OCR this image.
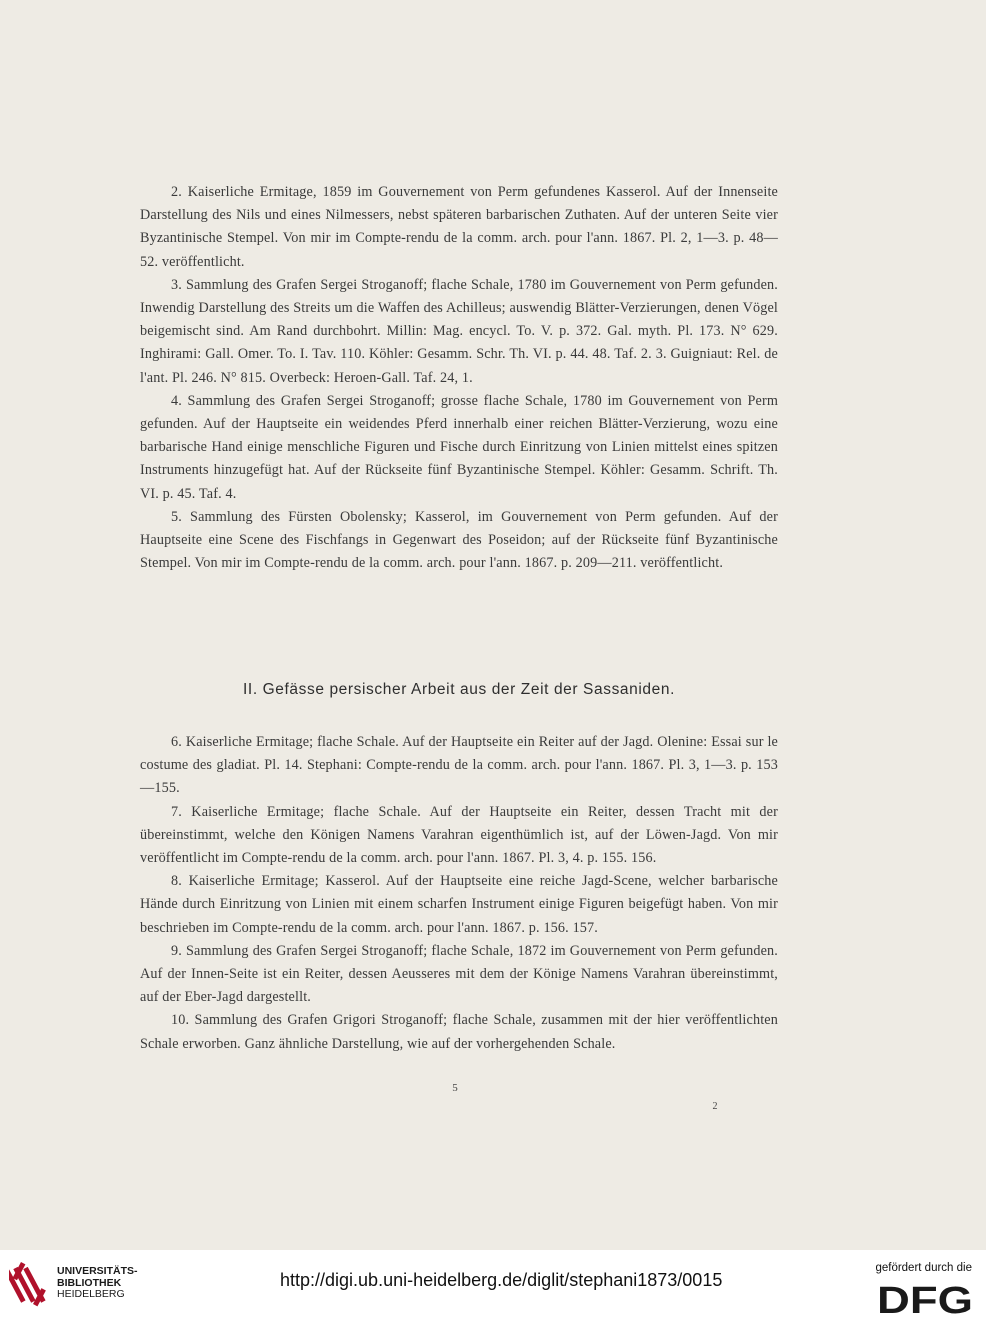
2. Kaiserliche Ermitage, 1859 im Gouvernement von Perm gefundenes Kasserol. Auf der Innenseite Darstellung des Nils und eines Nilmessers, nebst späteren barbarischen Zuthaten. Auf der unteren Seite vier Byzantinische Stempel. Von mir im Compte-rendu de la comm. arch. pour l'ann. 1867. Pl. 2, 1—3. p. 48—52. veröffentlicht.

3. Sammlung des Grafen Sergei Stroganoff; flache Schale, 1780 im Gouvernement von Perm gefunden. Inwendig Darstellung des Streits um die Waffen des Achilleus; auswendig Blätter-Verzierungen, denen Vögel beigemischt sind. Am Rand durchbohrt. Millin: Mag. encycl. To. V. p. 372. Gal. myth. Pl. 173. N° 629. Inghirami: Gall. Omer. To. I. Tav. 110. Köhler: Gesamm. Schr. Th. VI. p. 44. 48. Taf. 2. 3. Guigniaut: Rel. de l'ant. Pl. 246. N° 815. Overbeck: Heroen-Gall. Taf. 24, 1.

4. Sammlung des Grafen Sergei Stroganoff; grosse flache Schale, 1780 im Gouvernement von Perm gefunden. Auf der Hauptseite ein weidendes Pferd innerhalb einer reichen Blätter-Verzierung, wozu eine barbarische Hand einige menschliche Figuren und Fische durch Einritzung von Linien mittelst eines spitzen Instruments hinzugefügt hat. Auf der Rückseite fünf Byzantinische Stempel. Köhler: Gesamm. Schrift. Th. VI. p. 45. Taf. 4.

5. Sammlung des Fürsten Obolensky; Kasserol, im Gouvernement von Perm gefunden. Auf der Hauptseite eine Scene des Fischfangs in Gegenwart des Poseidon; auf der Rückseite fünf Byzantinische Stempel. Von mir im Compte-rendu de la comm. arch. pour l'ann. 1867. p. 209—211. veröffentlicht.

II. Gefässe persischer Arbeit aus der Zeit der Sassaniden.

6. Kaiserliche Ermitage; flache Schale. Auf der Hauptseite ein Reiter auf der Jagd. Olenine: Essai sur le costume des gladiat. Pl. 14. Stephani: Compte-rendu de la comm. arch. pour l'ann. 1867. Pl. 3, 1—3. p. 153—155.

7. Kaiserliche Ermitage; flache Schale. Auf der Hauptseite ein Reiter, dessen Tracht mit der übereinstimmt, welche den Königen Namens Varahran eigenthümlich ist, auf der Löwen-Jagd. Von mir veröffentlicht im Compte-rendu de la comm. arch. pour l'ann. 1867. Pl. 3, 4. p. 155. 156.

8. Kaiserliche Ermitage; Kasserol. Auf der Hauptseite eine reiche Jagd-Scene, welcher barbarische Hände durch Einritzung von Linien mit einem scharfen Instrument einige Figuren beigefügt haben. Von mir beschrieben im Compte-rendu de la comm. arch. pour l'ann. 1867. p. 156. 157.

9. Sammlung des Grafen Sergei Stroganoff; flache Schale, 1872 im Gouvernement von Perm gefunden. Auf der Innen-Seite ist ein Reiter, dessen Aeusseres mit dem der Könige Namens Varahran übereinstimmt, auf der Eber-Jagd dargestellt.

10. Sammlung des Grafen Grigori Stroganoff; flache Schale, zusammen mit der hier veröffentlichten Schale erworben. Ganz ähnliche Darstellung, wie auf der vorhergehenden Schale.

5
2
UNIVERSITÄTS-
BIBLIOTHEK
HEIDELBERG
http://digi.ub.uni-heidelberg.de/diglit/stephani1873/0015
gefördert durch die
DFG
